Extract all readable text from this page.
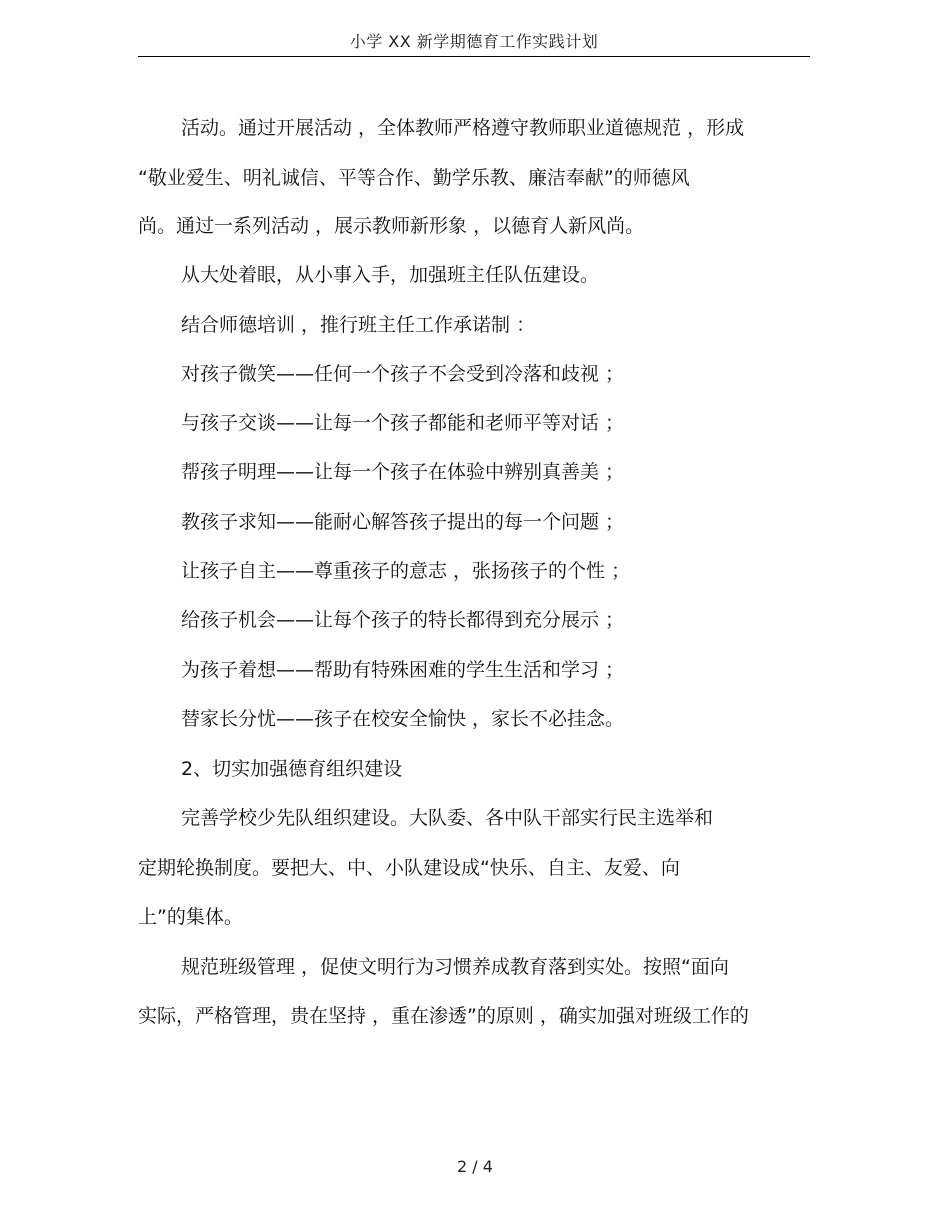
小学 XX 新学期德育工作实践计划
活动。通过开展活动 ，全体教师严格遵守教师职业道德规范 ，形成
“敬业爱生、明礼诚信、平等合作、勤学乐教、廉洁奉献”的师德风
尚。通过一系列活动 ，展示教师新形象 ，以德育人新风尚。
从大处着眼，从小事入手，加强班主任队伍建设。
结合师德培训 ，推行班主任工作承诺制 ：
对孩子微笑——任何一个孩子不会受到冷落和歧视 ；
与孩子交谈——让每一个孩子都能和老师平等对话 ；
帮孩子明理——让每一个孩子在体验中辨别真善美 ；
教孩子求知——能耐心解答孩子提出的每一个问题 ；
让孩子自主——尊重孩子的意志 ，张扬孩子的个性 ；
给孩子机会——让每个孩子的特长都得到充分展示 ；
为孩子着想——帮助有特殊困难的学生生活和学习 ；
替家长分忧——孩子在校安全愉快 ，家长不必挂念。
2、切实加强德育组织建设
完善学校少先队组织建设。大队委、各中队干部实行民主选举和
定期轮换制度。要把大、中、小队建设成“快乐、自主、友爱、向
上”的集体。
规范班级管理 ，促使文明行为习惯养成教育落到实处。按照“面向
实际，严格管理，贵在坚持 ，重在渗透”的原则 ，确实加强对班级工作的
2 / 4
